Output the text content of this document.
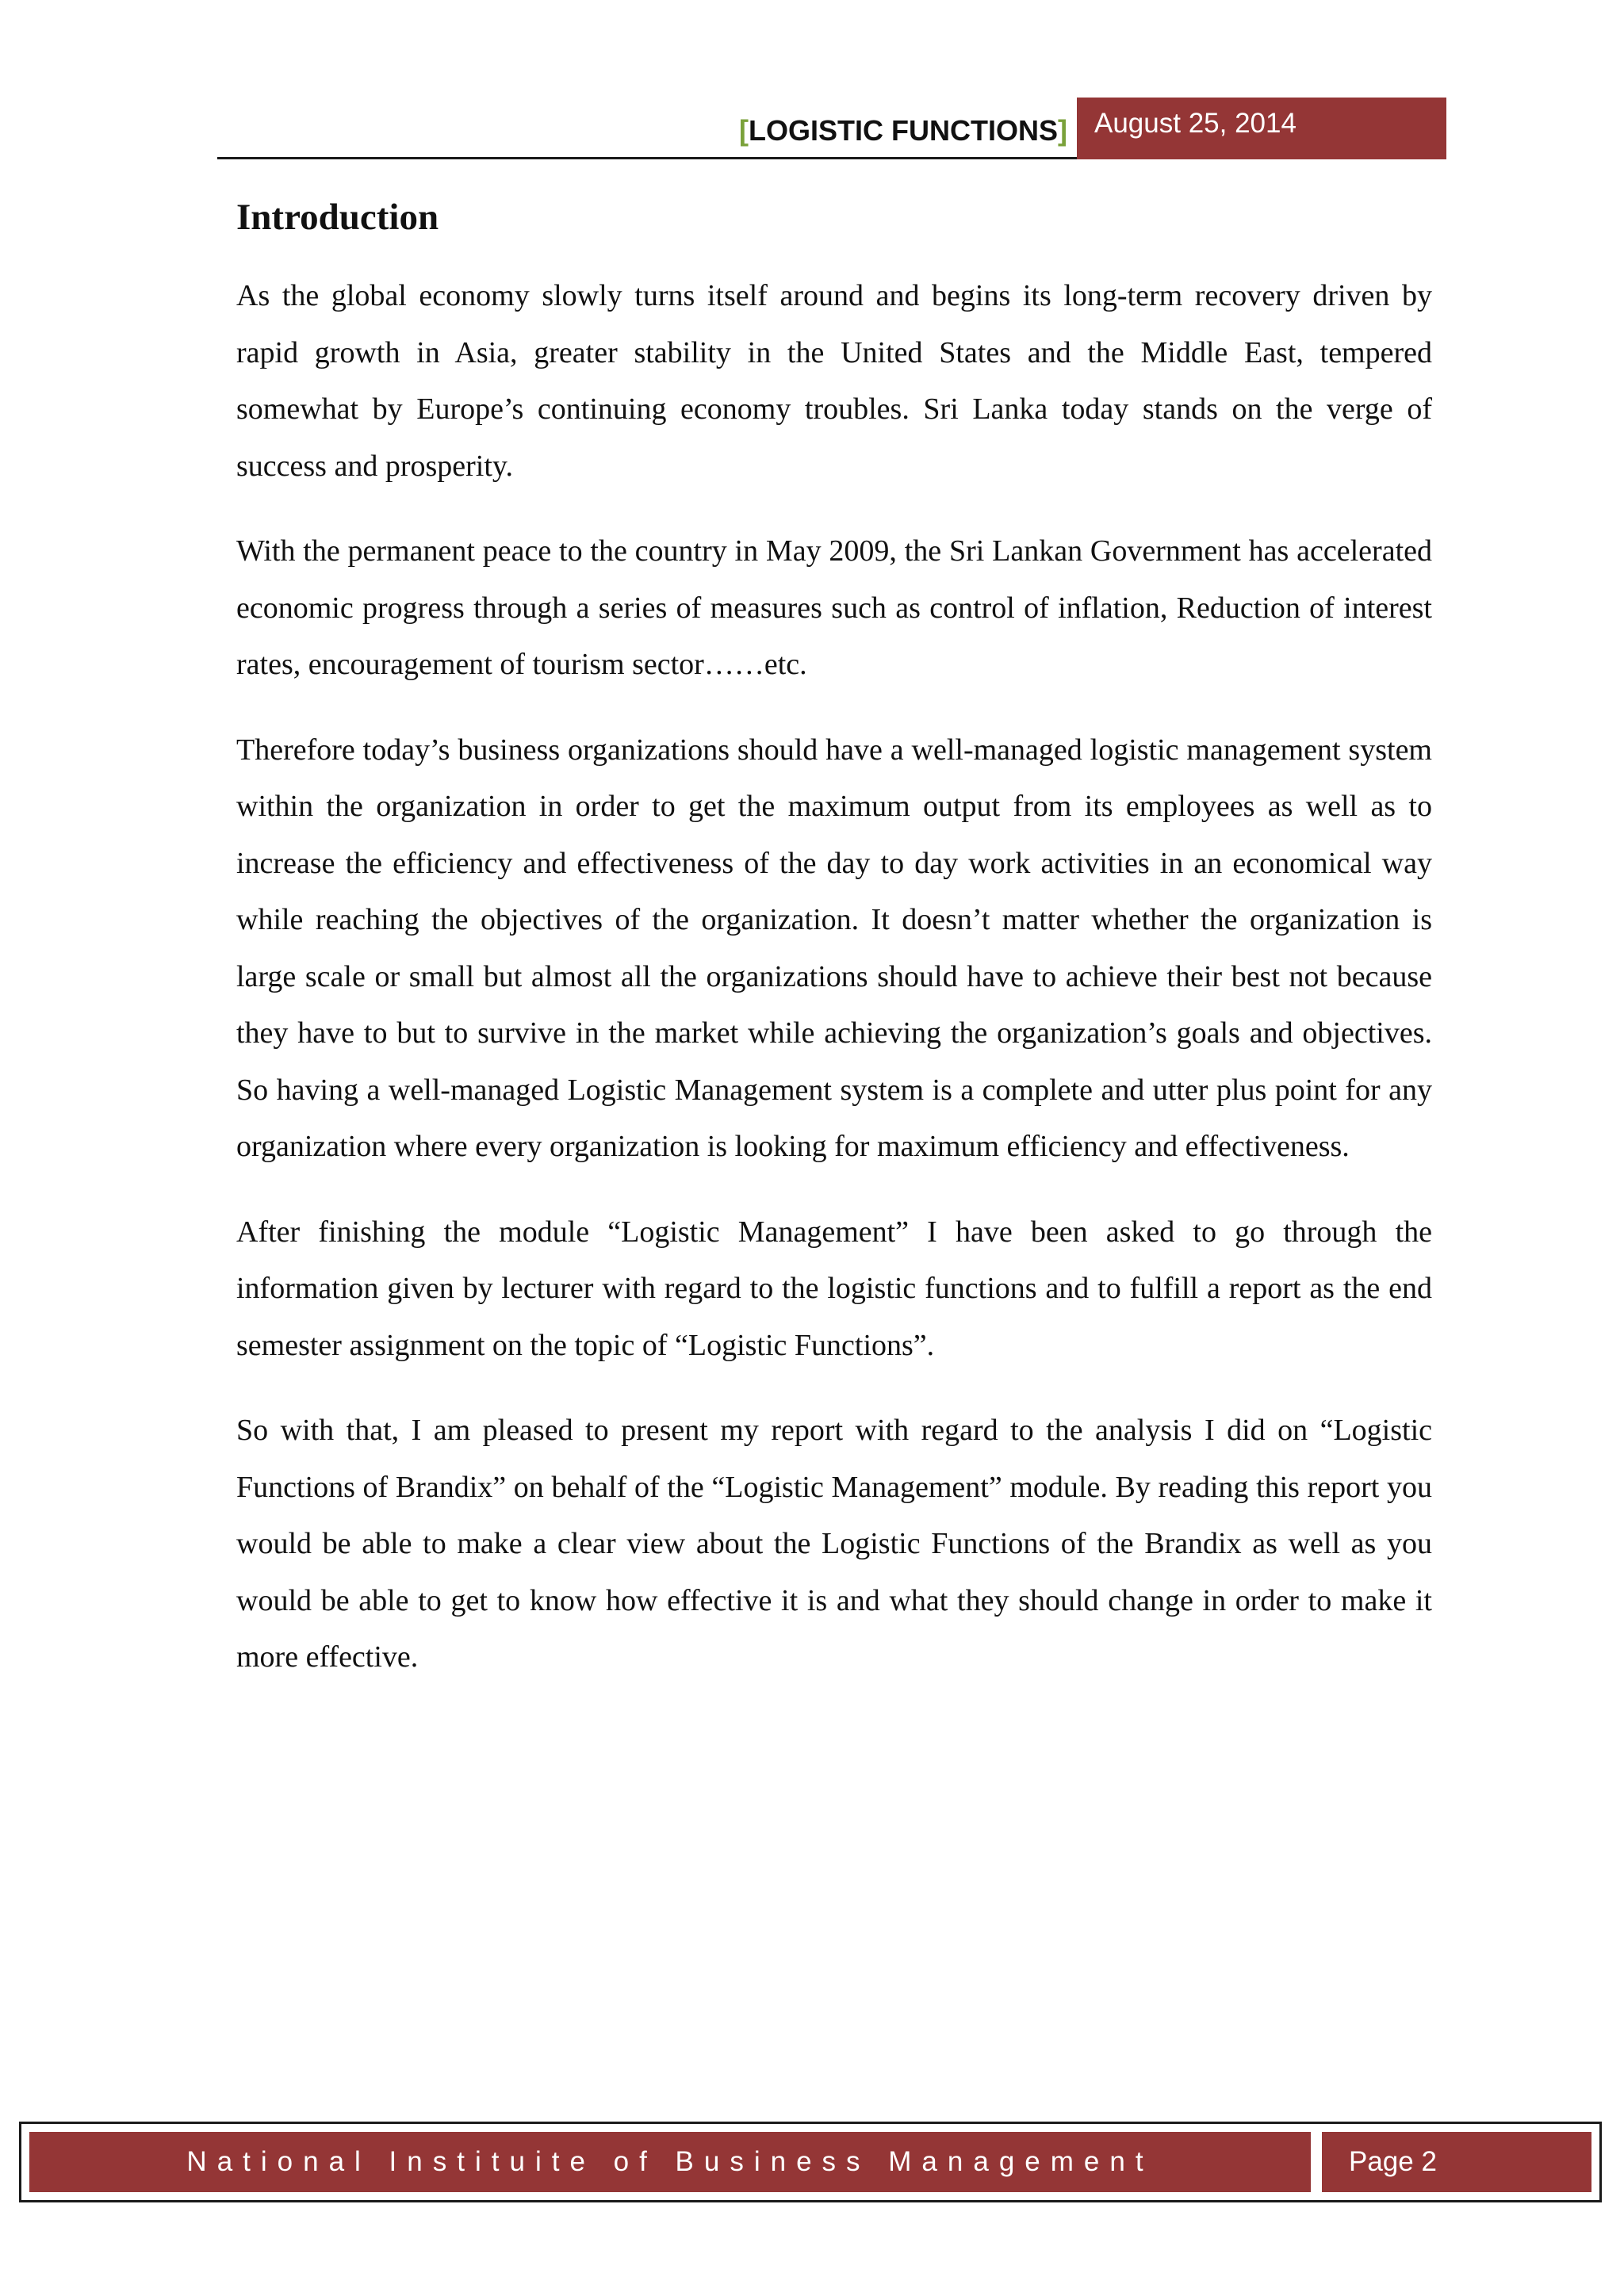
[LOGISTIC FUNCTIONS] August 25, 2014
Introduction

As the global economy slowly turns itself around and begins its long-term recovery driven by rapid growth in Asia, greater stability in the United States and the Middle East, tempered somewhat by Europe’s continuing economy troubles. Sri Lanka today stands on the verge of success and prosperity.

With the permanent peace to the country in May 2009, the Sri Lankan Government has accelerated economic progress through a series of measures such as control of inflation, Reduction of interest rates, encouragement of tourism sector……etc.

Therefore today’s business organizations should have a well-managed logistic management system within the organization in order to get the maximum output from its employees as well as to increase the efficiency and effectiveness of the day to day work activities in an economical way while reaching the objectives of the organization. It doesn’t matter whether the organization is large scale or small but almost all the organizations should have to achieve their best not because they have to but to survive in the market while achieving the organization’s goals and objectives. So having a well-managed Logistic Management system is a complete and utter plus point for any organization where every organization is looking for maximum efficiency and effectiveness.

After finishing the module “Logistic Management” I have been asked to go through the information given by lecturer with regard to the logistic functions and to fulfill a report as the end semester assignment on the topic of “Logistic Functions”.

So with that, I am pleased to present my report with regard to the analysis I did on “Logistic Functions of Brandix” on behalf of the “Logistic Management” module. By reading this report you would be able to make a clear view about the Logistic Functions of the Brandix as well as you would be able to get to know how effective it is and what they should change in order to make it more effective.

National Instituite of Business Management	Page 2
